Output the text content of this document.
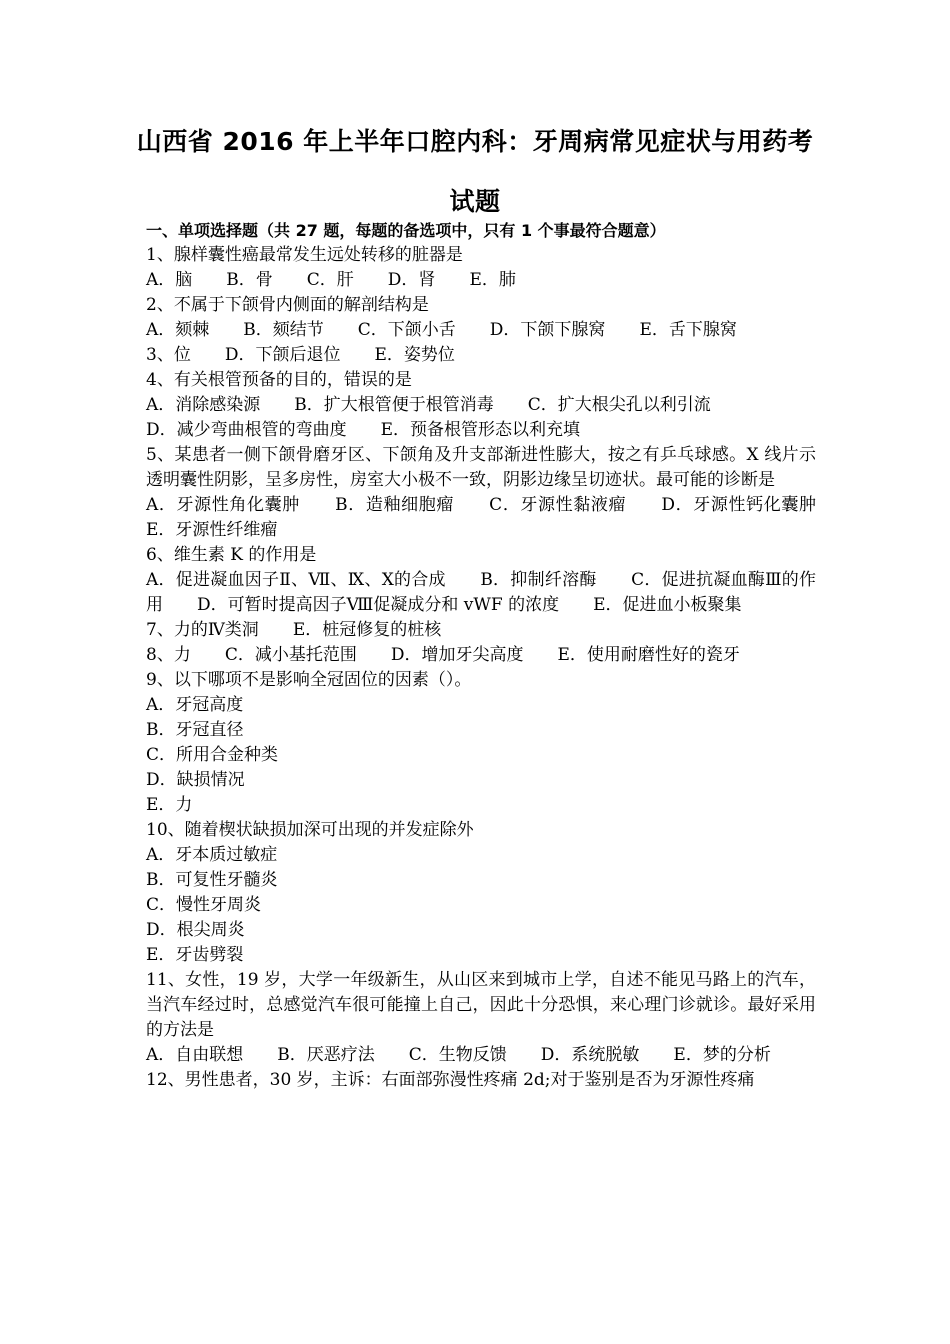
山西省 2016 年上半年口腔内科：牙周病常见症状与用药考
试题
一、单项选择题（共 27 题，每题的备选项中，只有 1 个事最符合题意）
1、腺样囊性癌最常发生远处转移的脏器是
A．脑 B．骨 C．肝 D．肾 E．肺
2、不属于下颌骨内侧面的解剖结构是
A．颏棘 B．颏结节 C．下颌小舌 D．下颌下腺窝 E．舌下腺窝
3、位 D．下颌后退位 E．姿势位
4、有关根管预备的目的，错误的是
A．消除感染源 B．扩大根管便于根管消毒 C．扩大根尖孔以利引流
D．减少弯曲根管的弯曲度 E．预备根管形态以利充填
5、某患者一侧下颌骨磨牙区、下颌角及升支部渐进性膨大，按之有乒乓球感。X 线片示透明囊性阴影，呈多房性，房室大小极不一致，阴影边缘呈切迹状。最可能的诊断是
A．牙源性角化囊肿　　B．造釉细胞瘤　　C．牙源性黏液瘤　　D．牙源性钙化囊肿　　E．牙源性纤维瘤
6、维生素 K 的作用是
A．促进凝血因子Ⅱ、Ⅶ、Ⅸ、Ⅹ的合成　　B．抑制纤溶酶　　C．促进抗凝血酶Ⅲ的作用　　D．可暂时提高因子Ⅷ促凝成分和 vWF 的浓度　　E．促进血小板聚集
7、力的Ⅳ类洞 E．桩冠修复的桩核
8、力 C．减小基托范围 D．增加牙尖高度 E．使用耐磨性好的瓷牙
9、以下哪项不是影响全冠固位的因素（）。
A．牙冠高度
B．牙冠直径
C．所用合金种类
D．缺损情况
E．力
10、随着楔状缺损加深可出现的并发症除外
A．牙本质过敏症
B．可复性牙髓炎
C．慢性牙周炎
D．根尖周炎
E．牙齿劈裂
11、女性，19 岁，大学一年级新生，从山区来到城市上学，自述不能见马路上的汽车，当汽车经过时，总感觉汽车很可能撞上自己，因此十分恐惧，来心理门诊就诊。最好采用的方法是
A．自由联想　　B．厌恶疗法　　C．生物反馈　　D．系统脱敏　　E．梦的分析
12、男性患者，30 岁，主诉：右面部弥漫性疼痛 2d;对于鉴别是否为牙源性疼痛
